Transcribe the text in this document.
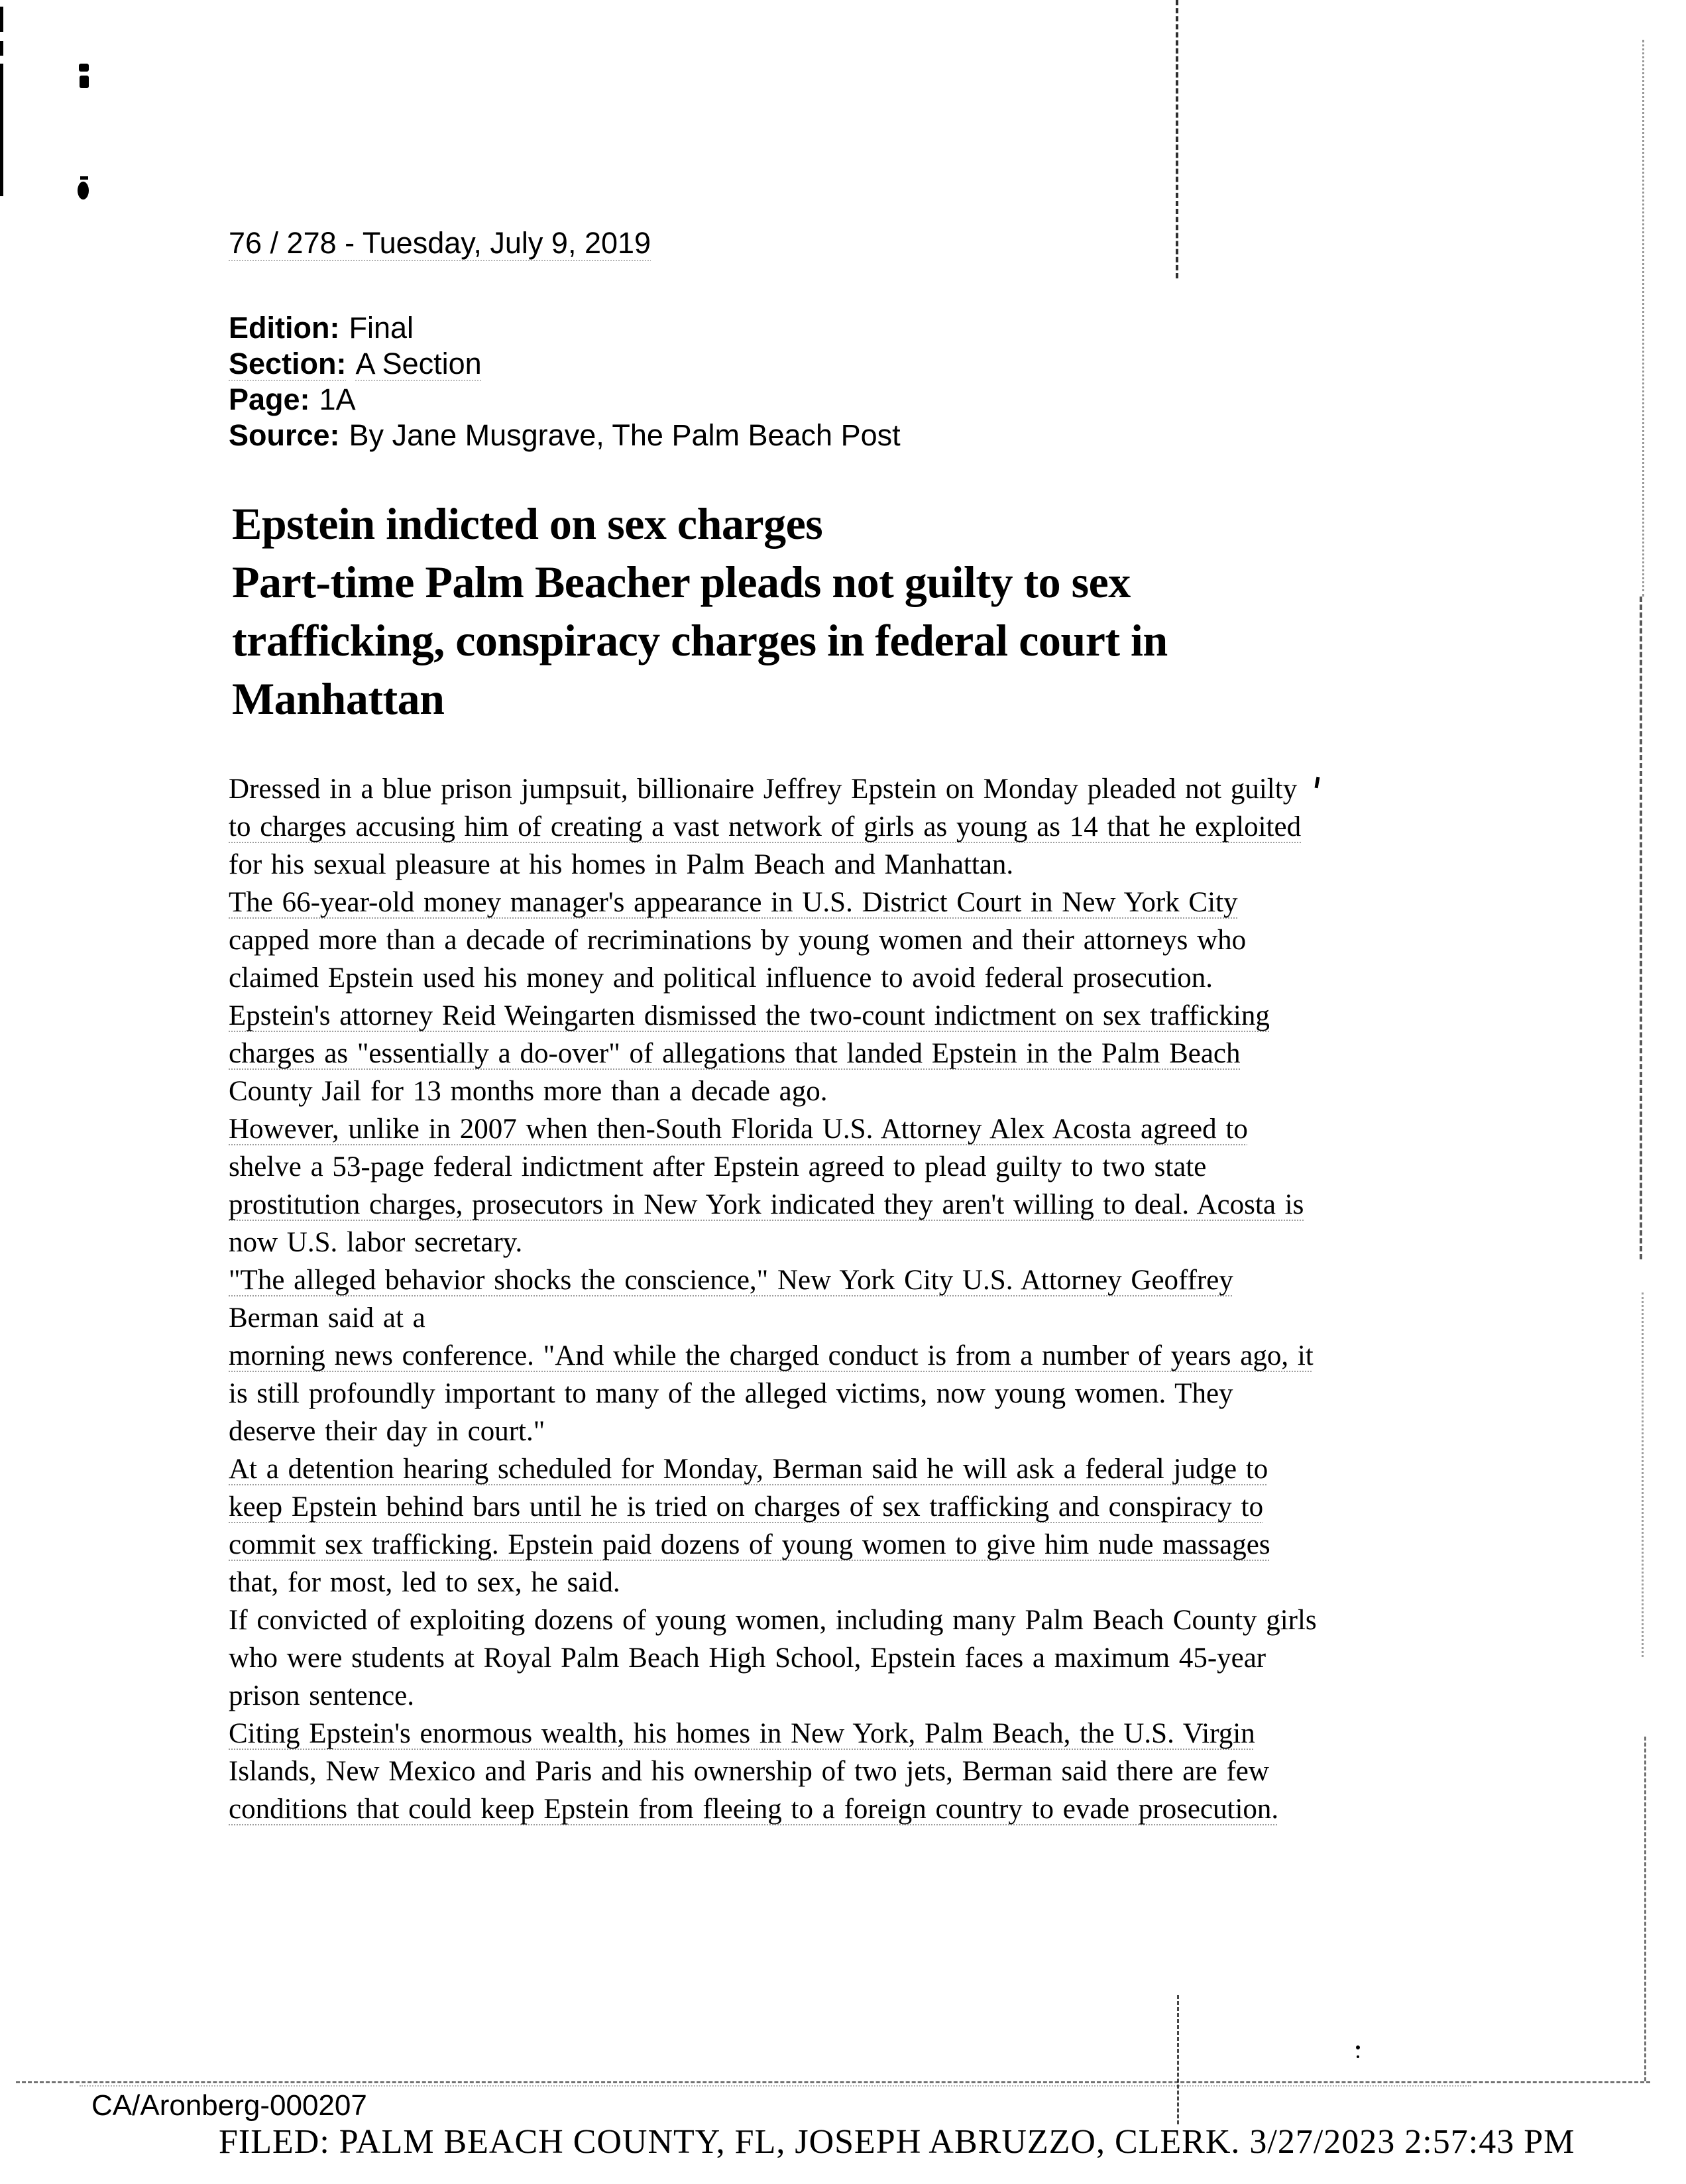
76 / 278 - Tuesday, July 9, 2019
Edition: Final
Section: A Section
Page: 1A
Source: By Jane Musgrave, The Palm Beach Post
Epstein indicted on sex charges
Part-time Palm Beacher pleads not guilty to sex
trafficking, conspiracy charges in federal court in
Manhattan
Dressed in a blue prison jumpsuit, billionaire Jeffrey Epstein on Monday pleaded not guilty
to charges accusing him of creating a vast network of girls as young as 14 that he exploited
for his sexual pleasure at his homes in Palm Beach and Manhattan.
The 66-year-old money manager's appearance in U.S. District Court in New York City
capped more than a decade of recriminations by young women and their attorneys who
claimed Epstein used his money and political influence to avoid federal prosecution.
Epstein's attorney Reid Weingarten dismissed the two-count indictment on sex trafficking
charges as "essentially a do-over" of allegations that landed Epstein in the Palm Beach
County Jail for 13 months more than a decade ago.
However, unlike in 2007 when then-South Florida U.S. Attorney Alex Acosta agreed to
shelve a 53-page federal indictment after Epstein agreed to plead guilty to two state
prostitution charges, prosecutors in New York indicated they aren't willing to deal. Acosta is
now U.S. labor secretary.
"The alleged behavior shocks the conscience," New York City U.S. Attorney Geoffrey
Berman said at a
morning news conference. "And while the charged conduct is from a number of years ago, it
is still profoundly important to many of the alleged victims, now young women. They
deserve their day in court."
At a detention hearing scheduled for Monday, Berman said he will ask a federal judge to
keep Epstein behind bars until he is tried on charges of sex trafficking and conspiracy to
commit sex trafficking. Epstein paid dozens of young women to give him nude massages
that, for most, led to sex, he said.
If convicted of exploiting dozens of young women, including many Palm Beach County girls
who were students at Royal Palm Beach High School, Epstein faces a maximum 45-year
prison sentence.
Citing Epstein's enormous wealth, his homes in New York, Palm Beach, the U.S. Virgin
Islands, New Mexico and Paris and his ownership of two jets, Berman said there are few
conditions that could keep Epstein from fleeing to a foreign country to evade prosecution.
CA/Aronberg-000207
FILED: PALM BEACH COUNTY, FL, JOSEPH ABRUZZO, CLERK. 3/27/2023 2:57:43 PM
